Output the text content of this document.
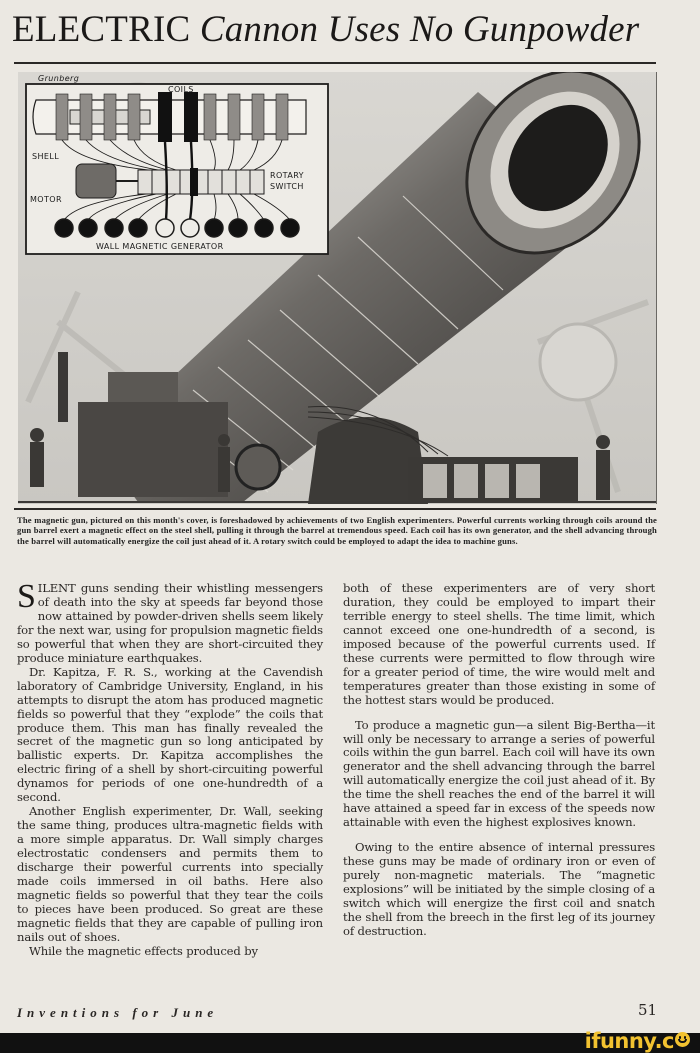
ELECTRIC Cannon Uses No Gunpowder
Grunberg
COILS
SHELL
MOTOR
ROTARY
SWITCH
WALL MAGNETIC GENERATOR
The magnetic gun, pictured on this month's cover, is foreshadowed by achievements of two English experimenters. Powerful currents working through coils around the gun barrel exert a magnetic effect on the steel shell, pulling it through the barrel at tremendous speed. Each coil has its own generator, and the shell advancing through the barrel will automatically energize the coil just ahead of it. A rotary switch could be employed to adapt the idea to machine guns.

SILENT guns sending their whistling messengers of death into the sky at speeds far beyond those now attained by powder-driven shells seem likely for the next war, using for propulsion magnetic fields so powerful that when they are short-circuited they produce miniature earthquakes.

Dr. Kapitza, F. R. S., working at the Cavendish laboratory of Cambridge University, England, in his attempts to disrupt the atom has produced magnetic fields so powerful that they “explode” the coils that produce them. This man has finally revealed the secret of the magnetic gun so long anticipated by ballistic experts. Dr. Kapitza accomplishes the electric firing of a shell by short-circuiting powerful dynamos for periods of one one-hundredth of a second.

Another English experimenter, Dr. Wall, seeking the same thing, produces ultra-magnetic fields with a more simple apparatus. Dr. Wall simply charges electrostatic condensers and permits them to discharge their powerful currents into specially made coils immersed in oil baths. Here also magnetic fields so powerful that they tear the coils to pieces have been produced. So great are these magnetic fields that they are capable of pulling iron nails out of shoes.

While the magnetic effects produced by

both of these experimenters are of very short duration, they could be employed to impart their terrible energy to steel shells. The time limit, which cannot exceed one one-hundredth of a second, is imposed because of the powerful currents used. If these currents were permitted to flow through wire for a greater period of time, the wire would melt and temperatures greater than those existing in some of the hottest stars would be produced.

To produce a magnetic gun—a silent Big-Bertha—it will only be necessary to arrange a series of powerful coils within the gun barrel. Each coil will have its own generator and the shell advancing through the barrel will automatically energize the coil just ahead of it. By the time the shell reaches the end of the barrel it will have attained a speed far in excess of the speeds now attainable with even the highest explosives known.

Owing to the entire absence of internal pressures these guns may be made of ordinary iron or even of purely non-magnetic materials. The “magnetic explosions” will be initiated by the simple closing of a switch which will energize the first coil and snatch the shell from the breech in the first leg of its journey of destruction.

Inventions for June	51
ifunny.c
